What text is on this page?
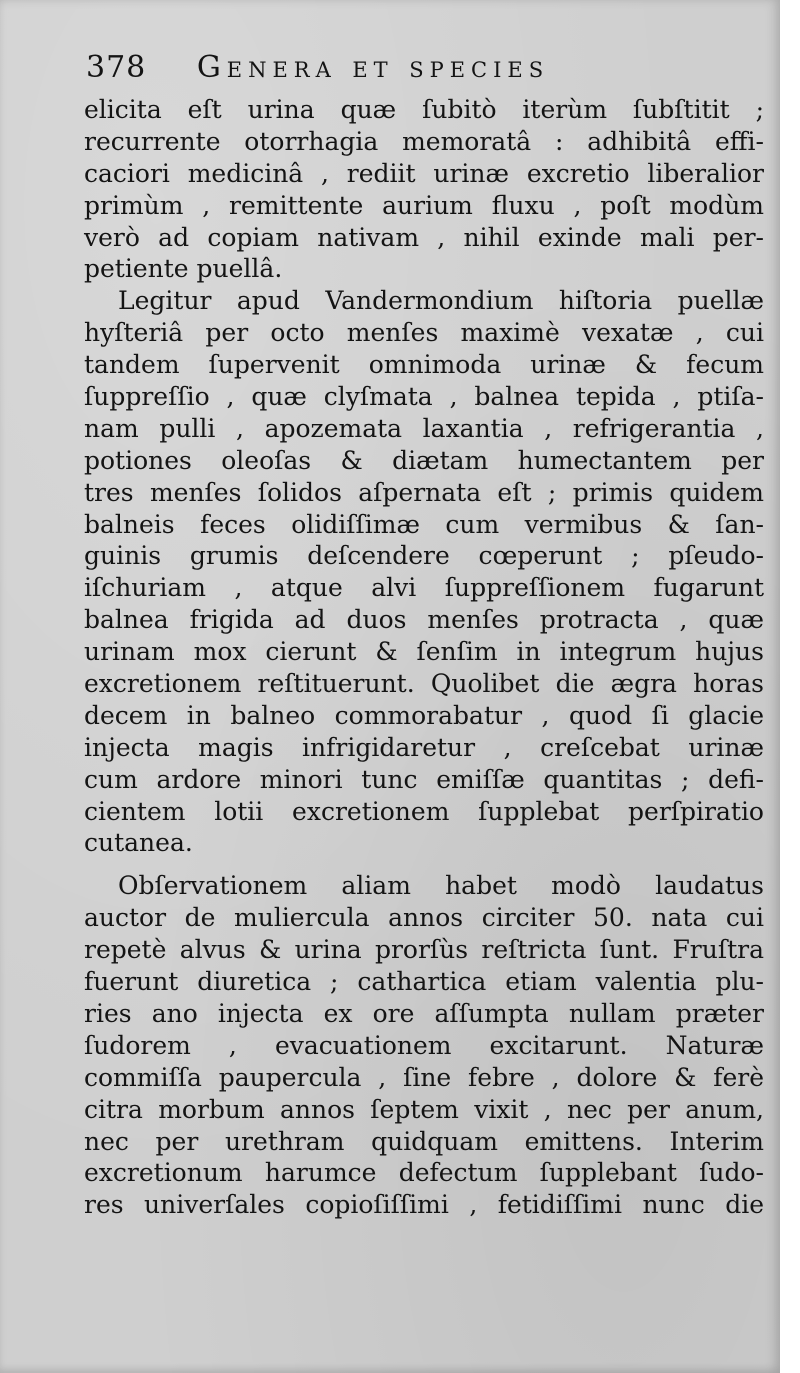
378 Genera et species
elicita eſt urina quæ ſubitò iterùm ſubſtitit ;
recurrente otorrhagia memoratâ : adhibitâ effi-
caciori medicinâ , rediit urinæ excretio liberalior
primùm , remittente aurium fluxu , poſt modùm
verò ad copiam nativam , nihil exinde mali per-
petiente puellâ.
Legitur apud Vandermondium hiſtoria puellæ
hyſteriâ per octo menſes maximè vexatæ , cui
tandem ſupervenit omnimoda urinæ & fecum
ſuppreſſio , quæ clyſmata , balnea tepida , ptiſa-
nam pulli , apozemata laxantia , refrigerantia ,
potiones oleoſas & diætam humectantem per
tres menſes ſolidos aſpernata eſt ; primis quidem
balneis feces olidiſſimæ cum vermibus & ſan-
guinis grumis deſcendere cœperunt ; pſeudo-
iſchuriam , atque alvi ſuppreſſionem fugarunt
balnea frigida ad duos menſes protracta , quæ
urinam mox cierunt & ſenſim in integrum hujus
excretionem reſtituerunt. Quolibet die ægra horas
decem in balneo commorabatur , quod ſi glacie
injecta magis infrigidaretur , creſcebat urinæ
cum ardore minori tunc emiſſæ quantitas ; defi-
cientem lotii excretionem ſupplebat perſpiratio
cutanea.
Obſervationem aliam habet modò laudatus
auctor de muliercula annos circiter 50. nata cui
repetè alvus & urina prorſùs reſtricta ſunt. Fruſtra
fuerunt diuretica ; cathartica etiam valentia plu-
ries ano injecta ex ore aſſumpta nullam præter
ſudorem , evacuationem excitarunt. Naturæ
commiſſa paupercula , ſine febre , dolore & ferè
citra morbum annos ſeptem vixit , nec per anum,
nec per urethram quidquam emittens. Interim
excretionum harumce defectum ſupplebant ſudo-
res univerſales copioſiſſimi , fetidiſſimi nunc die
